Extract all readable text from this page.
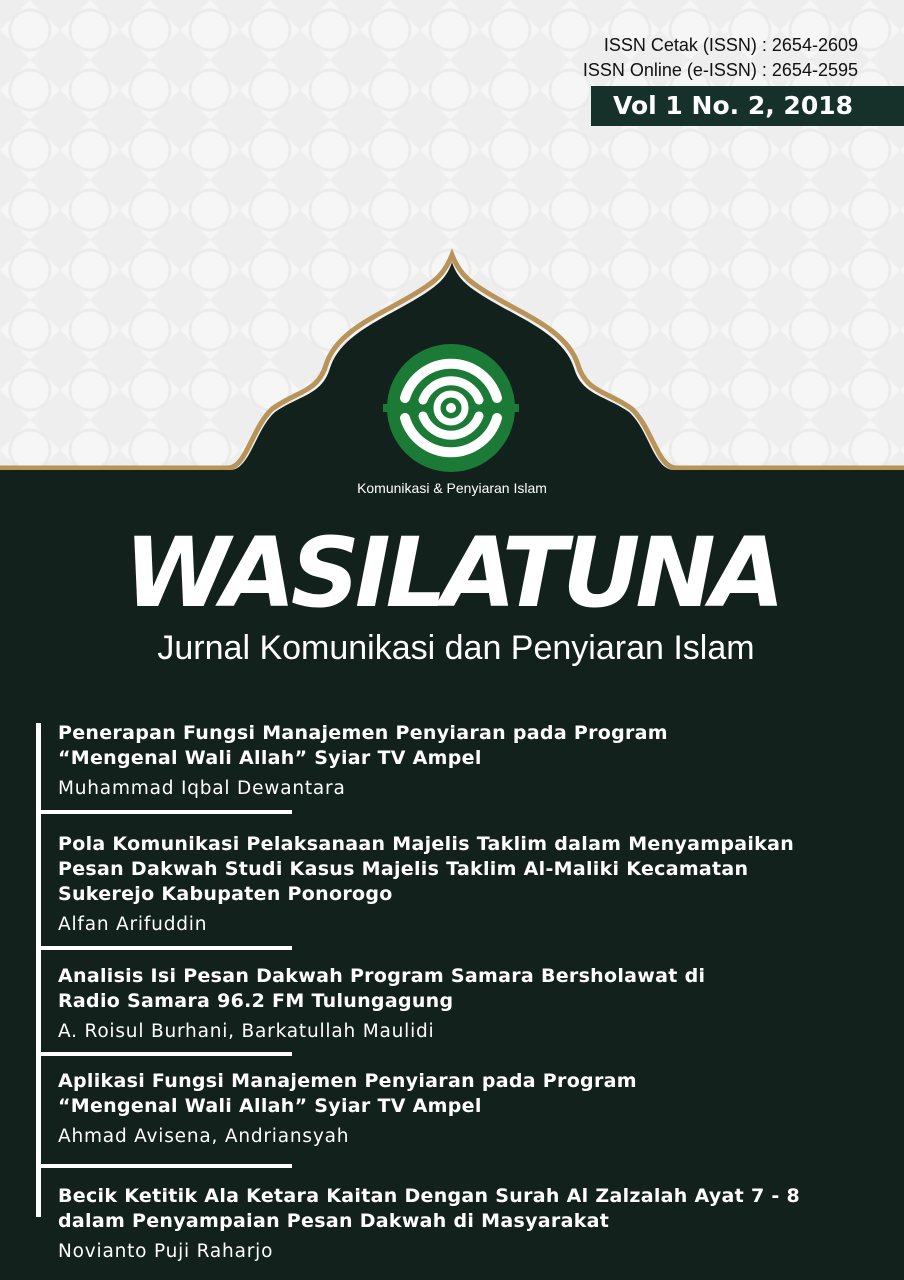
ISSN Cetak (ISSN) : 2654-2609
ISSN Online (e-ISSN) : 2654-2595
Vol 1 No. 2, 2018
Komunikasi & Penyiaran Islam
WASILATUNA
Jurnal Komunikasi dan Penyiaran Islam
Penerapan Fungsi Manajemen Penyiaran pada Program
“Mengenal Wali Allah” Syiar TV Ampel
Muhammad Iqbal Dewantara
Pola Komunikasi Pelaksanaan Majelis Taklim dalam Menyampaikan
Pesan Dakwah Studi Kasus Majelis Taklim Al-Maliki Kecamatan
Sukerejo Kabupaten Ponorogo
Alfan Arifuddin
Analisis Isi Pesan Dakwah Program Samara Bersholawat di
Radio Samara 96.2 FM Tulungagung
A. Roisul Burhani, Barkatullah Maulidi
Aplikasi Fungsi Manajemen Penyiaran pada Program
“Mengenal Wali Allah” Syiar TV Ampel
Ahmad Avisena, Andriansyah
Becik Ketitik Ala Ketara Kaitan Dengan Surah Al Zalzalah Ayat 7 - 8
dalam Penyampaian Pesan Dakwah di Masyarakat
Novianto Puji Raharjo
